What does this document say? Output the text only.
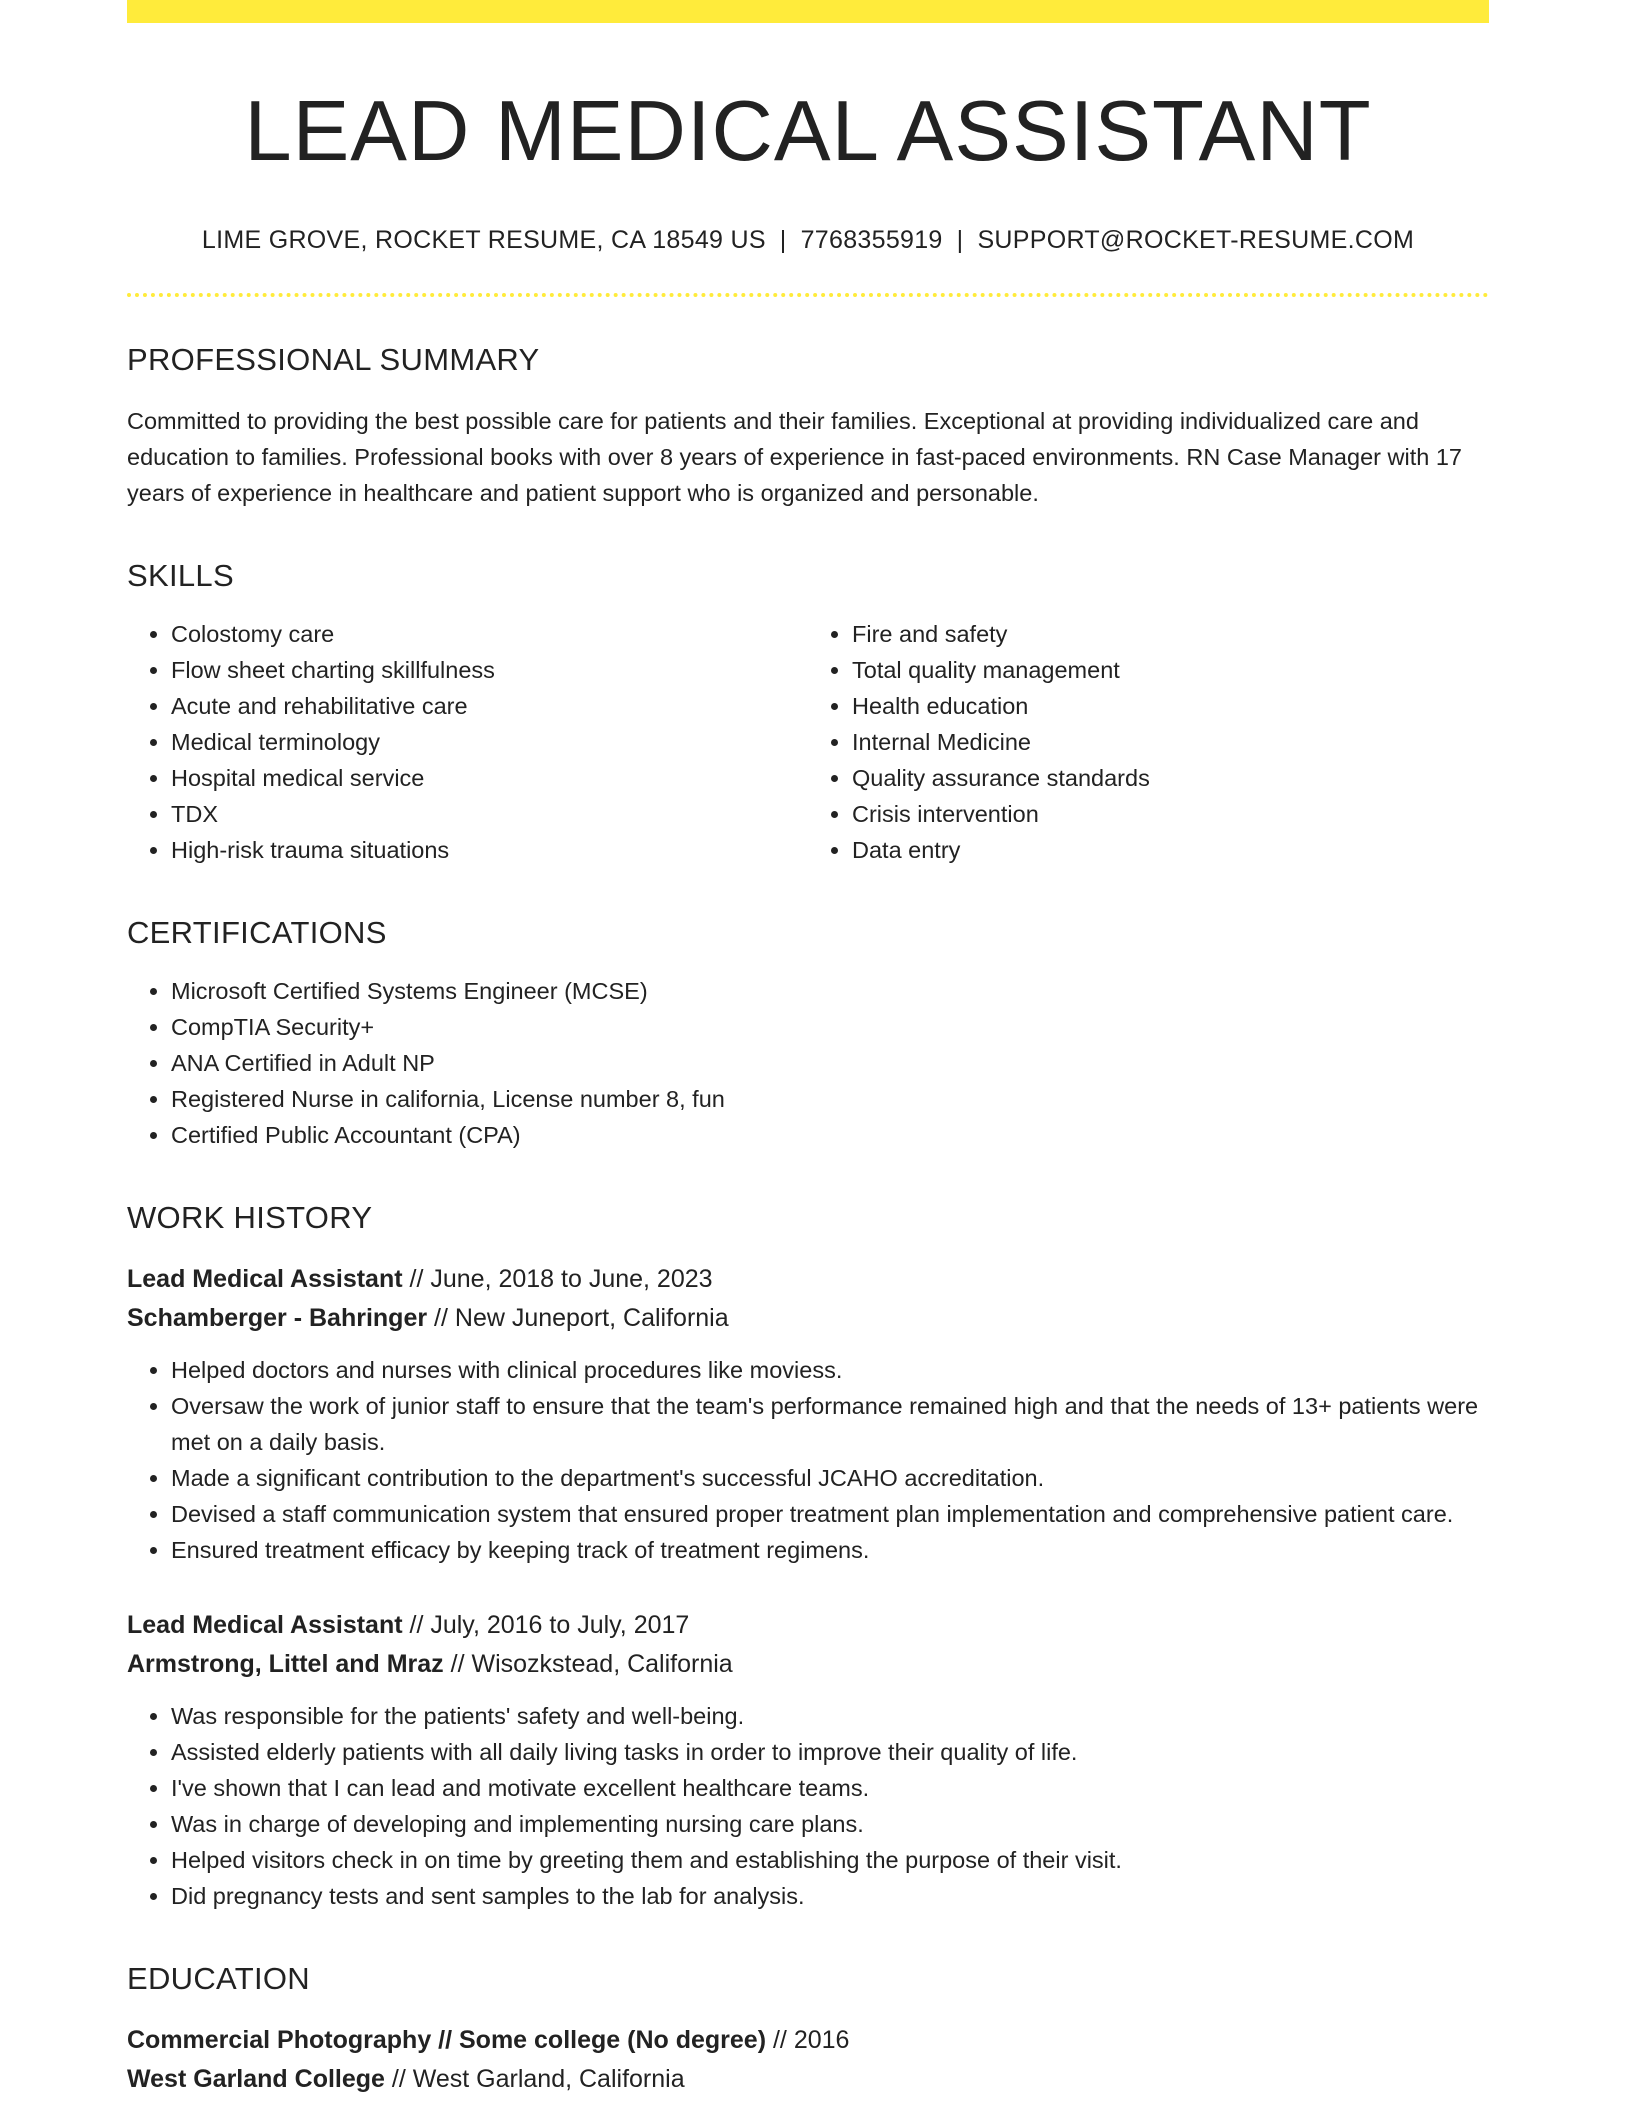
LEAD MEDICAL ASSISTANT
LIME GROVE, ROCKET RESUME, CA 18549 US | 7768355919 | SUPPORT@ROCKET-RESUME.COM
PROFESSIONAL SUMMARY
Committed to providing the best possible care for patients and their families. Exceptional at providing individualized care and education to families. Professional books with over 8 years of experience in fast-paced environments. RN Case Manager with 17 years of experience in healthcare and patient support who is organized and personable.
SKILLS
• Colostomy care
• Flow sheet charting skillfulness
• Acute and rehabilitative care
• Medical terminology
• Hospital medical service
• TDX
• High-risk trauma situations
• Fire and safety
• Total quality management
• Health education
• Internal Medicine
• Quality assurance standards
• Crisis intervention
• Data entry
CERTIFICATIONS
• Microsoft Certified Systems Engineer (MCSE)
• CompTIA Security+
• ANA Certified in Adult NP
• Registered Nurse in california, License number 8, fun
• Certified Public Accountant (CPA)
WORK HISTORY
Lead Medical Assistant // June, 2018 to June, 2023
Schamberger - Bahringer // New Juneport, California
• Helped doctors and nurses with clinical procedures like moviess.
• Oversaw the work of junior staff to ensure that the team's performance remained high and that the needs of 13+ patients were met on a daily basis.
• Made a significant contribution to the department's successful JCAHO accreditation.
• Devised a staff communication system that ensured proper treatment plan implementation and comprehensive patient care.
• Ensured treatment efficacy by keeping track of treatment regimens.
Lead Medical Assistant // July, 2016 to July, 2017
Armstrong, Littel and Mraz // Wisozkstead, California
• Was responsible for the patients' safety and well-being.
• Assisted elderly patients with all daily living tasks in order to improve their quality of life.
• I've shown that I can lead and motivate excellent healthcare teams.
• Was in charge of developing and implementing nursing care plans.
• Helped visitors check in on time by greeting them and establishing the purpose of their visit.
• Did pregnancy tests and sent samples to the lab for analysis.
EDUCATION
Commercial Photography // Some college (No degree) // 2016
West Garland College // West Garland, California
